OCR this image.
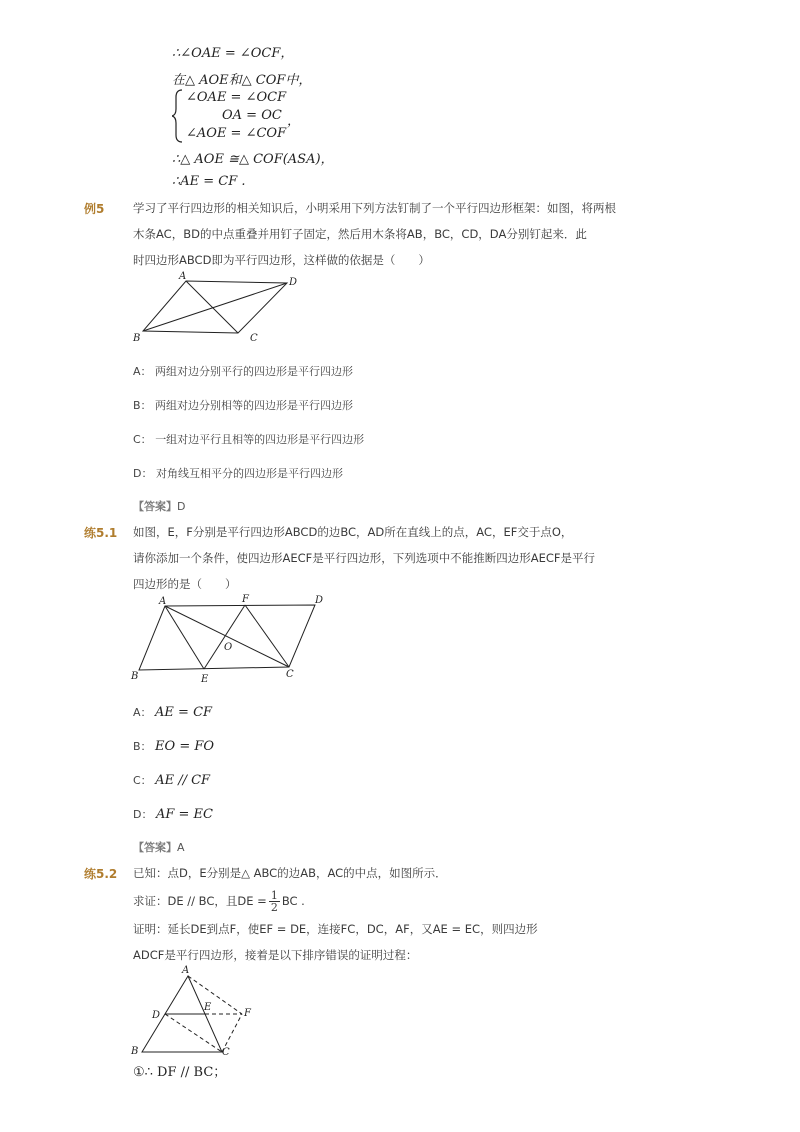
∴∠OAE = ∠OCF，
在△ AOE和△ COF中，
∠OAE = ∠OCF
OA = OC ，
∠AOE = ∠COF
∴△ AOE ≅△ COF(ASA)，
∴AE = CF .
例5 学习了平行四边形的相关知识后，小明采用下列方法钉制了一个平行四边形框架：如图，将两根
木条AC，BD的中点重叠并用钉子固定，然后用木条将AB，BC，CD，DA分别钉起来．此
时四边形ABCD即为平行四边形，这样做的依据是（　　）
A
D
B	C
A： 两组对边分别平行的四边形是平行四边形
B： 两组对边分别相等的四边形是平行四边形
C： 一组对边平行且相等的四边形是平行四边形
D： 对角线互相平分的四边形是平行四边形
【答案】D
练5.1 如图，E，F分别是平行四边形ABCD的边BC，AD所在直线上的点，AC，EF交于点O，
请你添加一个条件，使四边形AECF是平行四边形，下列选项中不能推断四边形AECF是平行
四边形的是（　　）
A	F	D
O
B	E	C
A： AE = CF
B： EO = FO
C： AE // CF
D： AF = EC
【答案】A
练5.2 已知：点D，E分别是△ ABC的边AB，AC的中点，如图所示．
求证：DE // BC，且DE = $\frac{1}{2}$ BC .
证明：延长DE到点F，使EF = DE，连接FC，DC，AF，又AE = EC，则四边形
ADCF是平行四边形，接着是以下排序错误的证明过程：
A
D
E
F
B	C
①∴ DF // BC；
